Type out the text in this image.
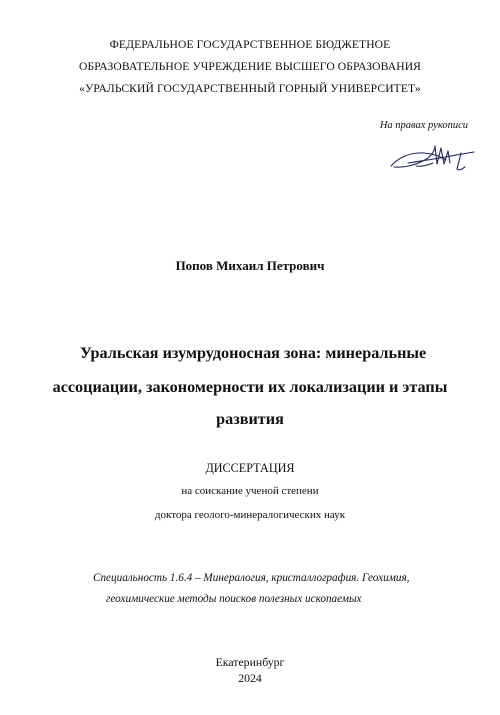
ФЕДЕРАЛЬНОЕ ГОСУДАРСТВЕННОЕ БЮДЖЕТНОЕ
ОБРАЗОВАТЕЛЬНОЕ УЧРЕЖДЕНИЕ ВЫСШЕГО ОБРАЗОВАНИЯ
«УРАЛЬСКИЙ ГОСУДАРСТВЕННЫЙ ГОРНЫЙ УНИВЕРСИТЕТ»
На правах рукописи
Попов Михаил Петрович
Уральская изумрудоносная зона: минеральные
ассоциации, закономерности их локализации и этапы
развития
ДИССЕРТАЦИЯ
на соискание ученой степени
доктора геолого-минералогических наук
Специальность 1.6.4 – Минералогия, кристаллография. Геохимия,
геохимические методы поисков полезных ископаемых
Екатеринбург
2024
